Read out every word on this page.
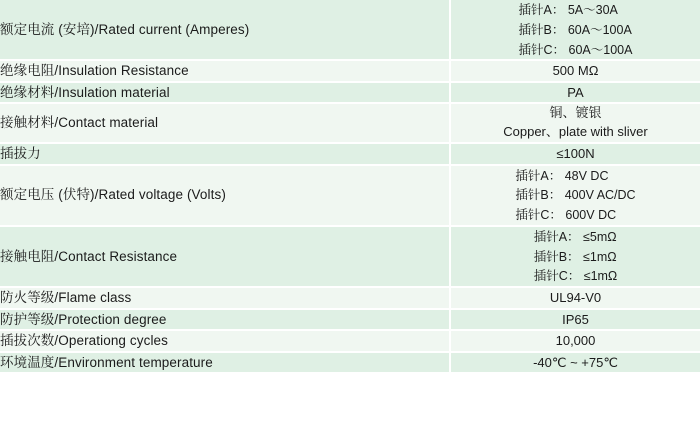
额定电流 (安培)/Rated current (Amperes)	插针A： 5A～30A
插针B： 60A～100A
插针C： 60A～100A
绝缘电阻/Insulation Resistance	500 MΩ

绝缘材料/Insulation material	PA

接触材料/Contact material	铜、镀银
Copper、plate with sliver

插拔力	≤100N

额定电压 (伏特)/Rated voltage (Volts)	插针A： 48V DC
插针B： 400V AC/DC
插针C： 600V DC
接触电阻/Contact Resistance	插针A： ≤5mΩ
插针B： ≤1mΩ
插针C： ≤1mΩ
防火等级/Flame class	UL94-V0

防护等级/Protection degree	IP65

插拔次数/Operationg cycles	10,000

环境温度/Environment temperature	-40℃ ~ +75℃
